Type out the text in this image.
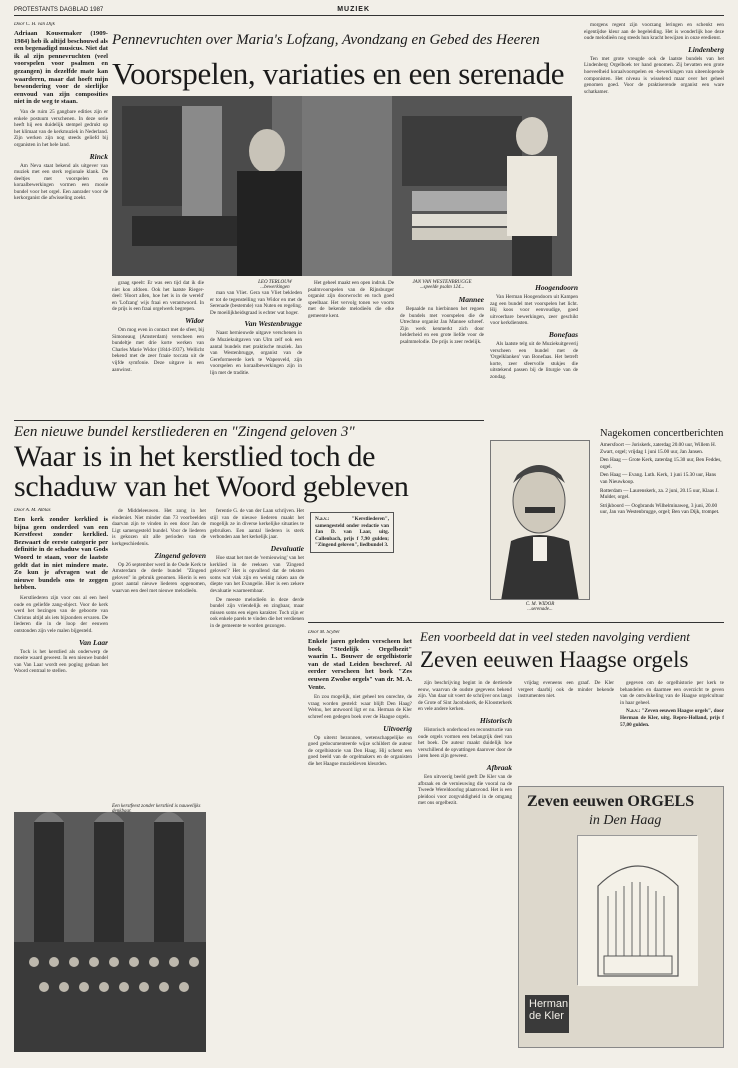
PROTESTANTS DAGBLAD 1987	MUZIEK
Door C. H. van Dijk
Adriaan Kousemaker (1909-1984) heb ik altijd beschouwd als een begenadigd musicus. Niet dat ik al zijn pennevruchten (veel voorspelen voor psalmen en gezangen) in dezelfde mate kan waarderen, maar dat hoeft mijn bewondering voor de sierlijke eenvoud van zijn composities niet in de weg te staan.

Van de ruim 25 gangbare edities zijn er enkele postuum verschenen. In deze serie heeft hij een duidelijk stempel gedrukt op het klimaat van de kerkmuziek in Nederland. Zijn werken zijn nog steeds geliefd bij organisten in het hele land.

Rinck

Am Neva staat bekend als uitgever van muziek met een sterk regionale klank. De deeltjes met voorspelen en koraalbewerkingen vormen een mooie bundel voor het orgel. Een aanrader voor de kerkorganist die afwisseling zoekt.

Pennevruchten over Maria's Lofzang, Avondzang en Gebed des Heeren
Voorspelen, variaties en een serenade
LEO TERLOUW
...bewerkingen
JAN VAN WESTENBRUGGE
...speelde psalm 124...

graag speelt: Er was een tijd dat ik die niet kon afdoen. Ook het laatste Rieger-deel: 'Hoort allen, hoe het is in de wereld' en 'Lofzang' wijs fraai en verantwoord. In de prijs is een fraai orgelwerk begrepen.

Widor

Om mog even in contact met de sfeer, bij Simoneaug (Amsterdam) verscheen een bundeltje met drie korte werken van Charles Marie Widor (1844-1937). Wellicht bekend met de zeer fraaie toccata uit de vijfde symfonie. Deze uitgave is een aanwinst.

man van Vliet. Gera van Vliet bekleden er tot de tegenstelling van Widor en met de Serenade (bestemde) van Nuten en regeling. De moeilijkheidsgraad is echter wat hoger.

Van Westenbrugge

Naast hernieuwde uitgave verschenen in de Muziekuitgaven van Ulm zelf ook een aantal bundels met praktische muziek. Jan van Westenbrugge, organist van de Gereformeerde kerk te Wapenveld, zijn voorspelen en koraalbewerkingen zijn in lijn met de traditie.

Het geheel maakt een open indruk. De psalmvoorspelen van de Rijnsburger organist zijn doorwrocht en toch goed speelbaar. Het vervolg tonen we voorts met de bekende melodieën die elke gemeente kent.

Mannee

Bepaalde nu hierbinnen het regoen de bundels met voorspelen die de Utrechtse organist Jan Mannee schreef. Zijn werk kenmerkt zich door helderheid en een grote liefde voor de psalmmelodie. De prijs is zeer redelijk.

Hoogendoorn

Van Herman Hoogendoorn uit Kampen zag een bundel met voorspelen het licht. Hij koos voor eenvoudige, goed uitvoerbare bewerkingen, zeer geschikt voor kerkdiensten.

Bonefaas

Als laatste telg uit de Muziekuitgeverij verscheen een bundel met de 'Orgelklanken' van Bonefaas. Het betreft korte, zeer sfeervolle stukjes die uitstekend passen bij de liturgie van de zondag.

morgens regent zijn voorzang leringen en schenkt een eigentijdse kleur aan de begeleiding. Het is wonderlijk hoe deze oude melodieën nog steeds hun kracht bewijzen in onze eredienst.

Lindenberg

Ten met grote vreugde ook de laatste bundels van het Lindenberg Orgelboek ter hand genomen. Zij bevatten een grote hoeveelheid koraalvoorspelen en -bewerkingen van uiteenlopende componisten. Het niveau is wisselend maar over het geheel genomen goed. Voor de praktiserende organist een ware schatkamer.

C. M. WIDOR
...serenade...
Nagekomen concertberichten
Amersfoort — Joriskerk, zaterdag 20.00 uur, Willem H. Zwart, orgel; vrijdag 1 juni 15.00 uur, Jan Jansen.
Den Haag — Grote Kerk, zaterdag 15.30 uur, Ben Feddes, orgel.
Den Haag — Evang. Luth. Kerk, 1 juni 15.30 uur, Hans van Nieuwkoop.
Rotterdam — Laurenskerk, za. 2 juni, 20.15 uur, Klaas J. Mulder, orgel.
Strijkboord — Oogbrands Wilhelminaweg, 3 juni, 20.00 uur, Jan van Westenbrugge, orgel; Ben van Dijk, trompet.
Een nieuwe bundel kerstliederen en "Zingend geloven 3"
Waar is in het kerstlied toch de schaduw van het Woord gebleven
Door A. M. Alblas
Een kerk zonder kerklied is bijna geen onderdeel van een Kerstfeest zonder kerklied. Bezwaart de eerste categorie per definitie in de schaduw van Gods Woord te staan, voor de laatste geldt dat in niet mindere mate. Zo kun je afvragen wat de nieuwe bundels ons te zeggen hebben.

Kerstliederen zijn voor ons al een heel oude en geliefde zang-object. Voor de kerk werd het bezingen van de geboorte van Christus altijd als iets bijzonders ervaren. De liederen die in de loop der eeuwen ontstonden zijn vele malen bijgesteld.

Van Laar

Tock is het kerstlied als onderwerp de moeite waard geweest. In een nieuwe bundel van Van Laar wordt een poging gedaan het Woord centraal te stellen.

de Middeleeuwen. Het zong in het eindeniet. Niet minder dan 73 voorbeelden daarvan zijn te vinden in een door Jan de Ligt samengesteld bundel. Voor de liederen is gekozen uit alle perioden van de kerkgeschiedenis.

Zingend geloven

Op 26 september werd in de Oude Kerk te Amsterdam de derde bundel "Zingend geloven" in gebruik genomen. Hierin is een groot aantal nieuwe liederen opgenomen, waarvan een deel met nieuwe melodieën.

Een kerstfeest zonder kerstlied is nauwelijks

ferentie G. de van der Laan schrijven. Het stijl van de nieuwe liederen maakt het mogelijk ze in diverse kerkelijke situaties te gebruiken. Een aantal liederen is sterk verbonden aan het kerkelijk jaar.

Devaluatie

Hoe staat het met de 'vernieuwing' van het kerklied in de reeksen van 'Zingend geloven'? Het is opvallend dat de teksten soms wat vlak zijn en weinig raken aan de diepte van het Evangelie. Hier is een zekere devaluatie waarneembaar.

De meeste melodieën in deze derde bundel zijn vriendelijk en zingbaar, maar missen soms een eigen karakter. Toch zijn er ook enkele parels te vinden die het verdienen in de gemeente te worden gezongen.

N.a.v.: "Kerstliederen", samengesteld onder redactie van Jan D. van Laar, uitg. Callenbach, prijs f 7,90 gulden; "Zingend geloven", liedbundel 3.
Een voorbeeld dat in veel steden navolging verdient
Zeven eeuwen Haagse orgels
Door M. Scybel
Enkele jaren geleden verscheen het boek "Stedelijk - Orgelbezit" waarin L. Bouwer de orgelhistorie van de stad Leiden beschreef. Al eerder verscheen het boek "Zes eeuwen Zwolse orgels" van dr. M. A. Vente.

En zou mogelijk, niet geheel ten onrechte, de vraag worden gesteld: waar blijft Den Haag? Welnu, het antwoord ligt er nu. Herman de Kler schreef een gedegen boek over de Haagse orgels.

Uitvoerig

Op uiterst bezonnen, wetenschappelijke en goed gedocumenteerde wijze schildert de auteur de orgelhistorie van Den Haag. Hij schetst een goed beeld van de orgelmakers en de organisten die het Haagse muziekleven kleurden.

zijn beschrijving begint in de dertiende eeuw, waarvan de oudste gegevens bekend zijn. Van daar uit voert de schrijver ons langs de Grote of Sint Jacobskerk, de Kloosterkerk en vele andere kerken.

Historisch

Historisch onderhoud en reconstructie van oude orgels vormen een belangrijk deel van het boek. De auteur maakt duidelijk hoe verschillend de opvattingen daarover door de jaren heen zijn geweest.

Afbraak

Een uitvoerig beeld geeft De Kler van de afbraak en de vernieuwing die vooral na de Tweede Wereldoorlog plaatsvond. Het is een pleidooi voor zorgvuldigheid in de omgang met ons orgelbezit.

vrijdag eveneens een graaf. De Kler vergeet daarbij ook de minder bekende instrumenten niet.

gegeven om de orgelhistorie per kerk te behandelen en daarmee een overzicht te geven van de ontwikkeling van de Haagse orgelcultuur in haar geheel.

N.a.v.: "Zeven eeuwen Haagse orgels", door Herman de Kler, uitg. Repro-Holland, prijs f 57,00 gulden.

Zeven eeuwen ORGELS
in Den Haag
Herman
de Kler
